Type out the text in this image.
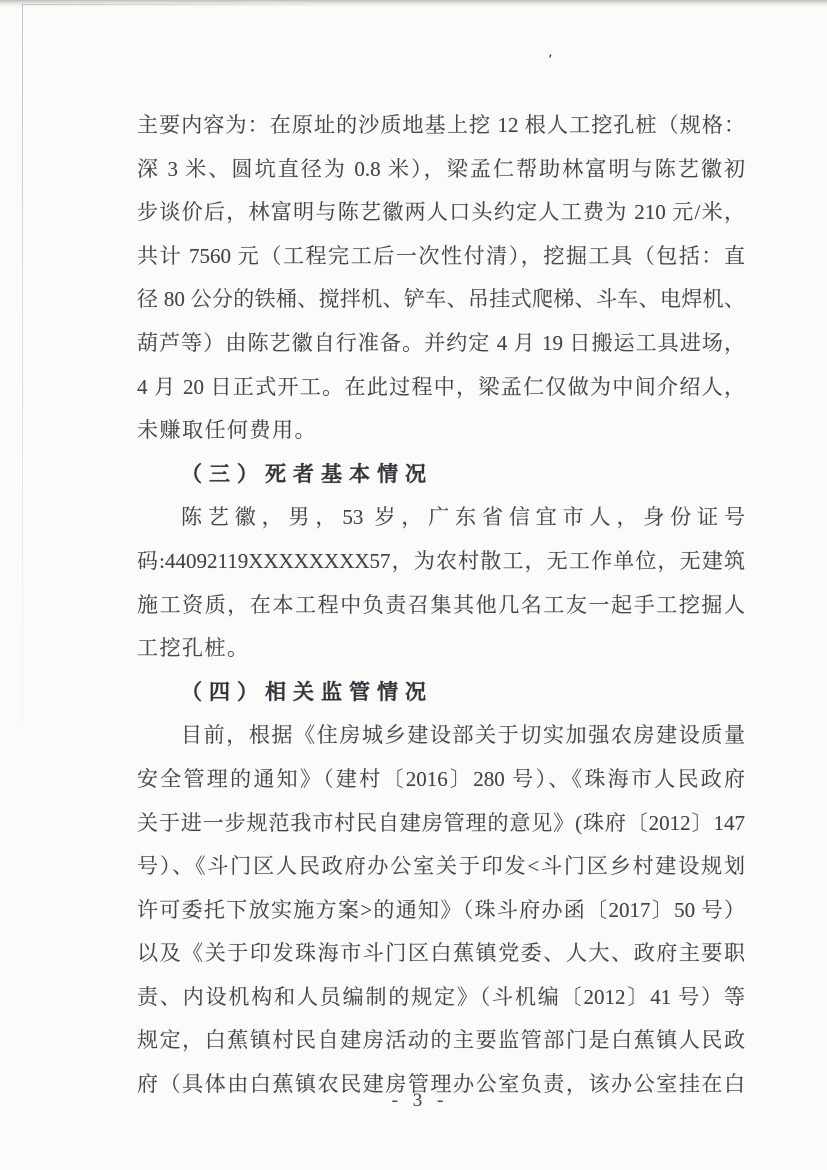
’
主要内容为：在原址的沙质地基上挖 12 根人工挖孔桩（规格：
深 3 米、圆坑直径为 0.8 米），梁孟仁帮助林富明与陈艺徽初
步谈价后，林富明与陈艺徽两人口头约定人工费为 210 元/米，
共计 7560 元（工程完工后一次性付清），挖掘工具（包括：直
径 80 公分的铁桶、搅拌机、铲车、吊挂式爬梯、斗车、电焊机、
葫芦等）由陈艺徽自行准备。并约定 4 月 19 日搬运工具进场，
4 月 20 日正式开工。在此过程中，梁孟仁仅做为中间介绍人，
未赚取任何费用。
（三）死者基本情况
陈艺徽，男，53 岁，广东省信宜市人，身份证号
码:44092119XXXXXXXX57，为农村散工，无工作单位，无建筑
施工资质，在本工程中负责召集其他几名工友一起手工挖掘人
工挖孔桩。
（四）相关监管情况
目前，根据《住房城乡建设部关于切实加强农房建设质量
安全管理的通知》（建村〔2016〕280 号）、《珠海市人民政府
关于进一步规范我市村民自建房管理的意见》(珠府〔2012〕147
号）、《斗门区人民政府办公室关于印发<斗门区乡村建设规划
许可委托下放实施方案>的通知》（珠斗府办函〔2017〕50 号）
以及《关于印发珠海市斗门区白蕉镇党委、人大、政府主要职
责、内设机构和人员编制的规定》（斗机编〔2012〕41 号）等
规定，白蕉镇村民自建房活动的主要监管部门是白蕉镇人民政
府（具体由白蕉镇农民建房管理办公室负责，该办公室挂在白
- 3 -
